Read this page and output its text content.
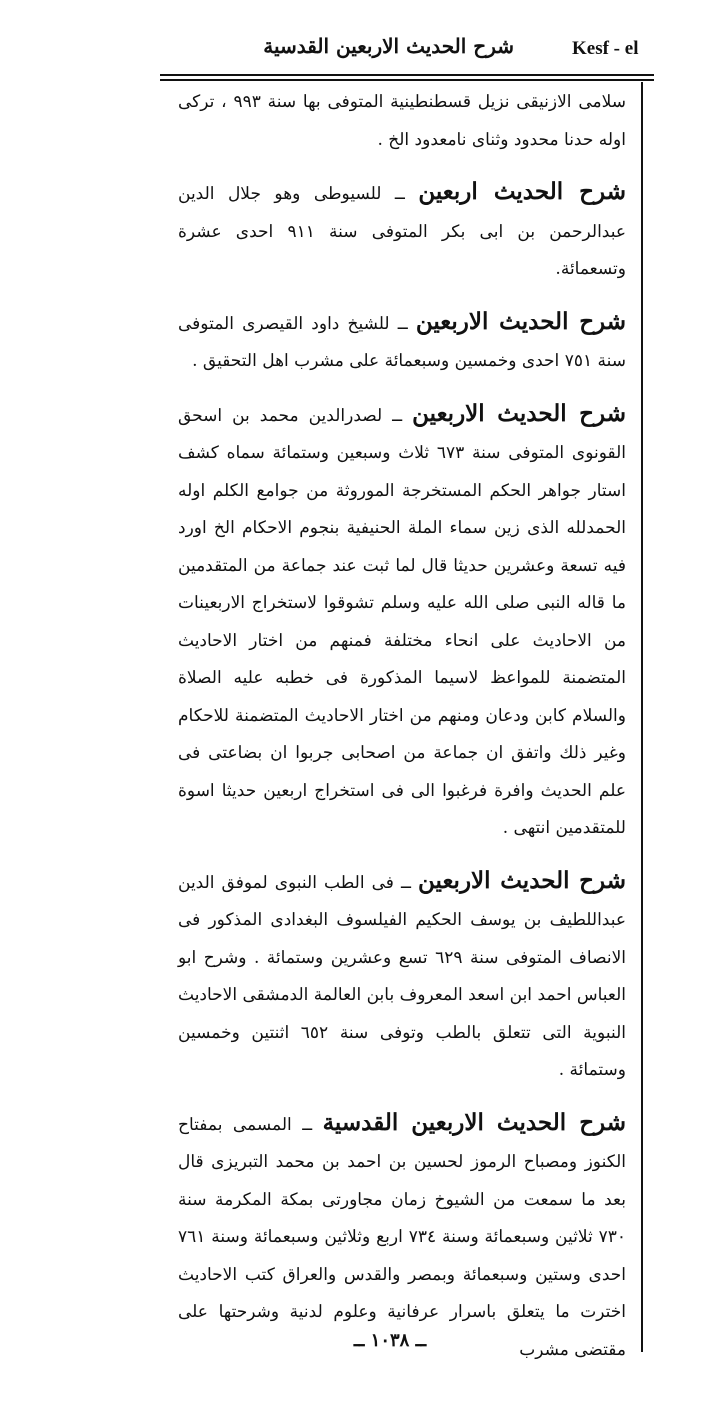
شرح الحديث الاربعين القدسية	Kesf - el

سلامى الازنيقى نزيل قسطنطينية المتوفى بها سنة ٩٩٣ ، ترکی اوله حدنا محدود وثنای نامعدود الخ .

شرح الحديث اربعين ــ للسيوطى وهو جلال الدين عبدالرحمن بن ابى بكر المتوفى سنة ٩١١ احدى عشرة وتسعمائة.

شرح الحديث الاربعين ــ للشيخ داود القيصرى المتوفى سنة ٧٥١ احدى وخمسين وسبعمائة على مشرب اهل التحقيق .

شرح الحديث الاربعين ــ لصدرالدين محمد بن اسحق القونوى المتوفى سنة ٦٧٣ ثلاث وسبعين وستمائة سماه كشف استار جواهر الحكم المستخرجة الموروثة من جوامع الكلم اوله الحمدلله الذى زين سماء الملة الحنيفية بنجوم الاحكام الخ اورد فيه تسعة وعشرين حديثا قال لما ثبت عند جماعة من المتقدمين ما قاله النبى صلى الله عليه وسلم تشوقوا لاستخراج الاربعينات من الاحاديث على انحاء مختلفة فمنهم من اختار الاحاديث المتضمنة للمواعظ لاسيما المذكورة فى خطبه عليه الصلاة والسلام كابن ودعان ومنهم من اختار الاحاديث المتضمنة للاحكام وغير ذلك واتفق ان جماعة من اصحابى جربوا ان بضاعتى فى علم الحديث وافرة فرغبوا الى فى استخراج اربعين حديثا اسوة للمتقدمين انتهى .

شرح الحديث الاربعين ــ فى الطب النبوى لموفق الدين عبداللطيف بن يوسف الحكيم الفيلسوف البغدادى المذكور فى الانصاف المتوفى سنة ٦٢٩ تسع وعشرين وستمائة . وشرح ابو العباس احمد ابن اسعد المعروف بابن العالمة الدمشقى الاحاديث النبوية التى تتعلق بالطب وتوفى سنة ٦٥٢ اثنتين وخمسين وستمائة .

شرح الحديث الاربعين القدسية ــ المسمى بمفتاح الكنوز ومصباح الرموز لحسين بن احمد بن محمد التبريزى قال بعد ما سمعت من الشيوخ زمان مجاورتى بمكة المكرمة سنة ٧٣٠ ثلاثين وسبعمائة وسنة ٧٣٤ اربع وثلاثين وسبعمائة وسنة ٧٦١ احدى وستين وسبعمائة وبمصر والقدس والعراق كتب الاحاديث اخترت ما يتعلق باسرار عرفانية وعلوم لدنية وشرحتها على مقتضى مشرب

ــ ١٠٣٨ ــ
